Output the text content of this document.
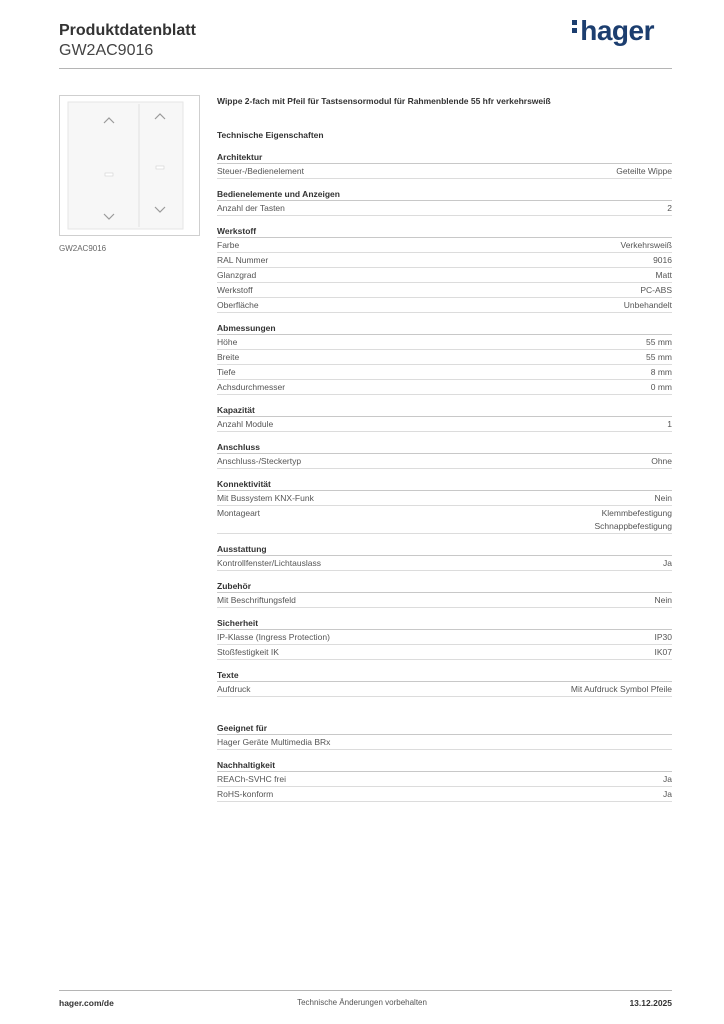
Produktdatenblatt
GW2AC9016
hager
GW2AC9016
Wippe 2-fach mit Pfeil für Tastsensormodul für Rahmenblende 55 hfr verkehrsweiß
Technische Eigenschaften
Architektur
Steuer-/Bedienelement	Geteilte Wippe
Bedienelemente und Anzeigen
Anzahl der Tasten	2
Werkstoff
Farbe	Verkehrsweiß
RAL Nummer	9016
Glanzgrad	Matt
Werkstoff	PC-ABS
Oberfläche	Unbehandelt
Abmessungen
Höhe	55 mm
Breite	55 mm
Tiefe	8 mm
Achsdurchmesser	0 mm
Kapazität
Anzahl Module	1
Anschluss
Anschluss-/Steckertyp	Ohne
Konnektivität
Mit Bussystem KNX-Funk	Nein
Montageart	Klemmbefestigung
Schnappbefestigung
Ausstattung
Kontrollfenster/Lichtauslass	Ja
Zubehör
Mit Beschriftungsfeld	Nein
Sicherheit
IP-Klasse (Ingress Protection)	IP30
Stoßfestigkeit IK	IK07
Texte
Aufdruck	Mit Aufdruck Symbol Pfeile
Geeignet für
Hager Geräte Multimedia BRx
Nachhaltigkeit
REACh-SVHC frei	Ja
RoHS-konform	Ja
hager.com/de	Technische Änderungen vorbehalten	13.12.2025
